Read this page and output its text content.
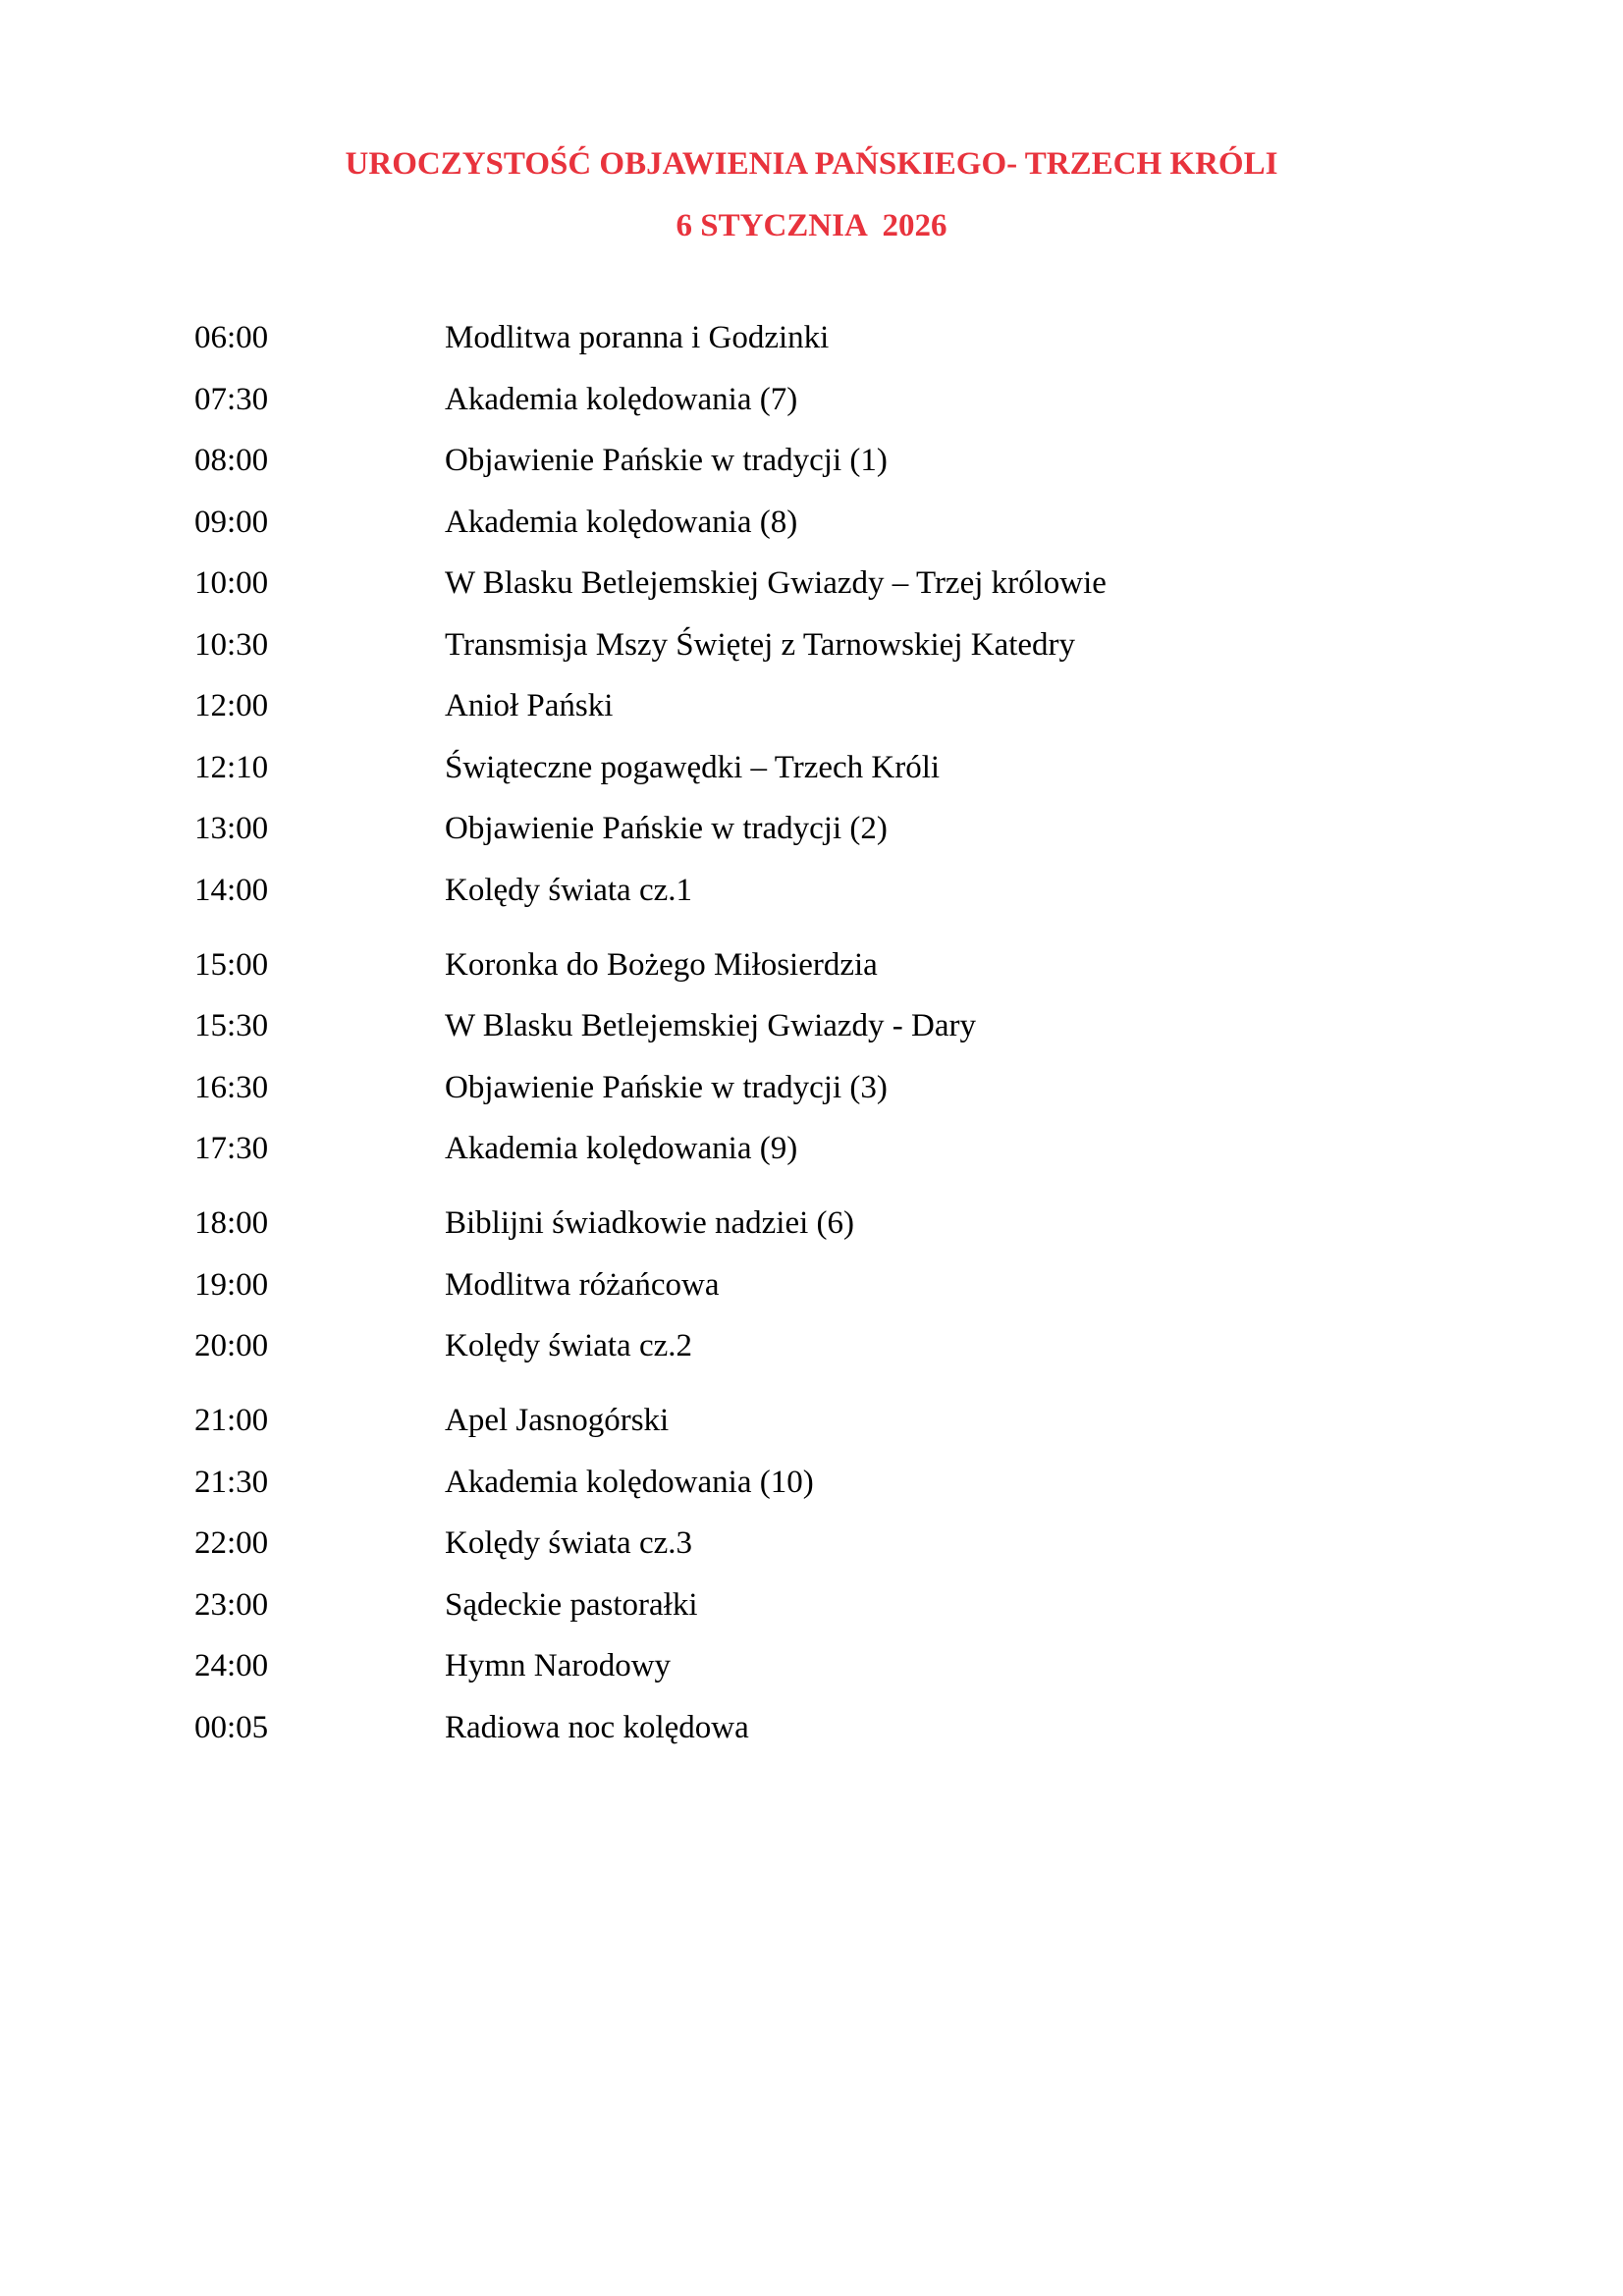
UROCZYSTOŚĆ OBJAWIENIA PAŃSKIEGO- TRZECH KRÓLI
6 STYCZNIA  2026
06:00	Modlitwa poranna i Godzinki
07:30	Akademia kolędowania (7)
08:00	Objawienie Pańskie w tradycji (1)
09:00	Akademia kolędowania (8)
10:00	W Blasku Betlejemskiej Gwiazdy – Trzej królowie
10:30	Transmisja Mszy Świętej z Tarnowskiej Katedry
12:00	Anioł Pański
12:10	Świąteczne pogawędki – Trzech Króli
13:00	Objawienie Pańskie w tradycji (2)
14:00	Kolędy świata cz.1
15:00	Koronka do Bożego Miłosierdzia
15:30	W Blasku Betlejemskiej Gwiazdy - Dary
16:30	Objawienie Pańskie w tradycji (3)
17:30	Akademia kolędowania (9)
18:00	Biblijni świadkowie nadziei (6)
19:00	Modlitwa różańcowa
20:00	Kolędy świata cz.2
21:00	Apel Jasnogórski
21:30	Akademia kolędowania (10)
22:00	Kolędy świata cz.3
23:00	Sądeckie pastorałki
24:00	Hymn Narodowy
00:05	Radiowa noc kolędowa
